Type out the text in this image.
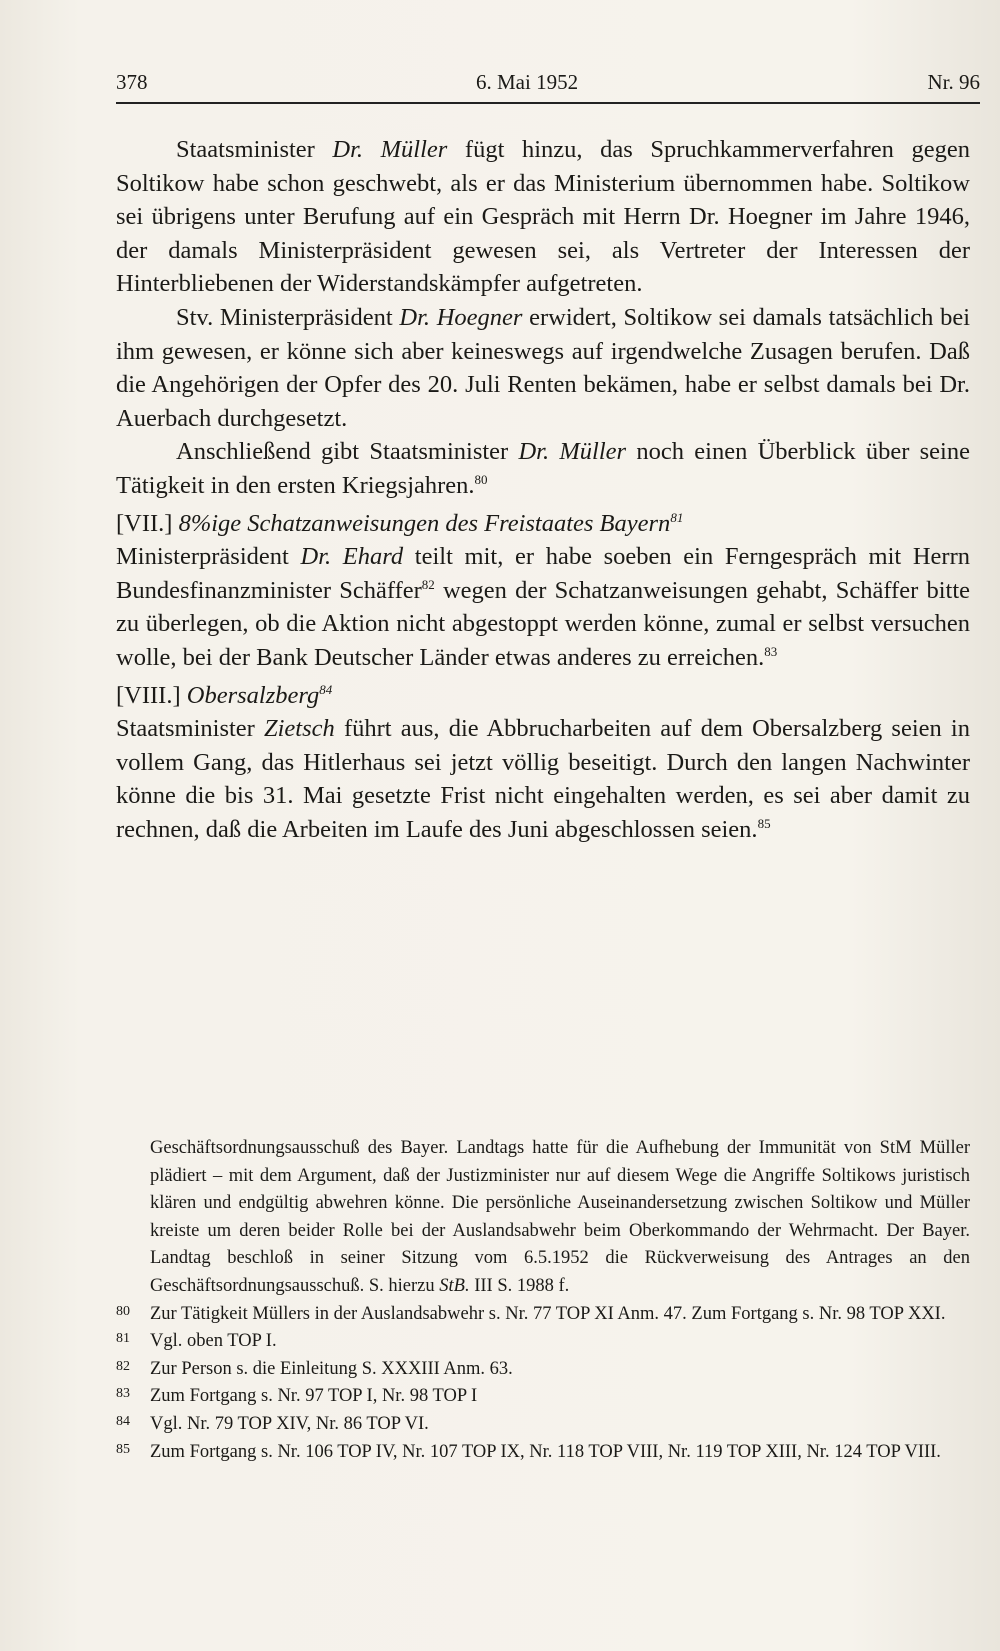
378	6. Mai 1952	Nr. 96

Staatsminister Dr. Müller fügt hinzu, das Spruchkammerverfahren gegen Soltikow habe schon geschwebt, als er das Ministerium übernommen habe. Soltikow sei übrigens unter Berufung auf ein Gespräch mit Herrn Dr. Hoegner im Jahre 1946, der damals Ministerpräsident gewesen sei, als Vertreter der Interessen der Hinterbliebenen der Widerstandskämpfer aufgetreten.

Stv. Ministerpräsident Dr. Hoegner erwidert, Soltikow sei damals tatsächlich bei ihm gewesen, er könne sich aber keineswegs auf irgendwelche Zusagen berufen. Daß die Angehörigen der Opfer des 20. Juli Renten bekämen, habe er selbst damals bei Dr. Auerbach durchgesetzt.

Anschließend gibt Staatsminister Dr. Müller noch einen Überblick über seine Tätigkeit in den ersten Kriegsjahren.$^{80}$

[VII.] 8%ige Schatzanweisungen des Freistaates Bayern$^{81}$

Ministerpräsident Dr. Ehard teilt mit, er habe soeben ein Ferngespräch mit Herrn Bundesfinanzminister Schäffer$^{82}$ wegen der Schatzanweisungen gehabt, Schäffer bitte zu überlegen, ob die Aktion nicht abgestoppt werden könne, zumal er selbst versuchen wolle, bei der Bank Deutscher Länder etwas anderes zu erreichen.$^{83}$

[VIII.] Obersalzberg$^{84}$

Staatsminister Zietsch führt aus, die Abbrucharbeiten auf dem Obersalzberg seien in vollem Gang, das Hitlerhaus sei jetzt völlig beseitigt. Durch den langen Nachwinter könne die bis 31. Mai gesetzte Frist nicht eingehalten werden, es sei aber damit zu rechnen, daß die Arbeiten im Laufe des Juni abgeschlossen seien.$^{85}$

Geschäftsordnungsausschuß des Bayer. Landtags hatte für die Aufhebung der Immunität von StM Müller plädiert – mit dem Argument, daß der Justizminister nur auf diesem Wege die Angriffe Soltikows juristisch klären und endgültig abwehren könne. Die persönliche Auseinandersetzung zwischen Soltikow und Müller kreiste um deren beider Rolle bei der Auslandsabwehr beim Oberkommando der Wehrmacht. Der Bayer. Landtag beschloß in seiner Sitzung vom 6.5.1952 die Rückverweisung des Antrages an den Geschäftsordnungsausschuß. S. hierzu StB. III S. 1988 f.

80 Zur Tätigkeit Müllers in der Auslandsabwehr s. Nr. 77 TOP XI Anm. 47. Zum Fortgang s. Nr. 98 TOP XXI.

81 Vgl. oben TOP I.

82 Zur Person s. die Einleitung S. XXXIII Anm. 63.

83 Zum Fortgang s. Nr. 97 TOP I, Nr. 98 TOP I

84 Vgl. Nr. 79 TOP XIV, Nr. 86 TOP VI.

85 Zum Fortgang s. Nr. 106 TOP IV, Nr. 107 TOP IX, Nr. 118 TOP VIII, Nr. 119 TOP XIII, Nr. 124 TOP VIII.
